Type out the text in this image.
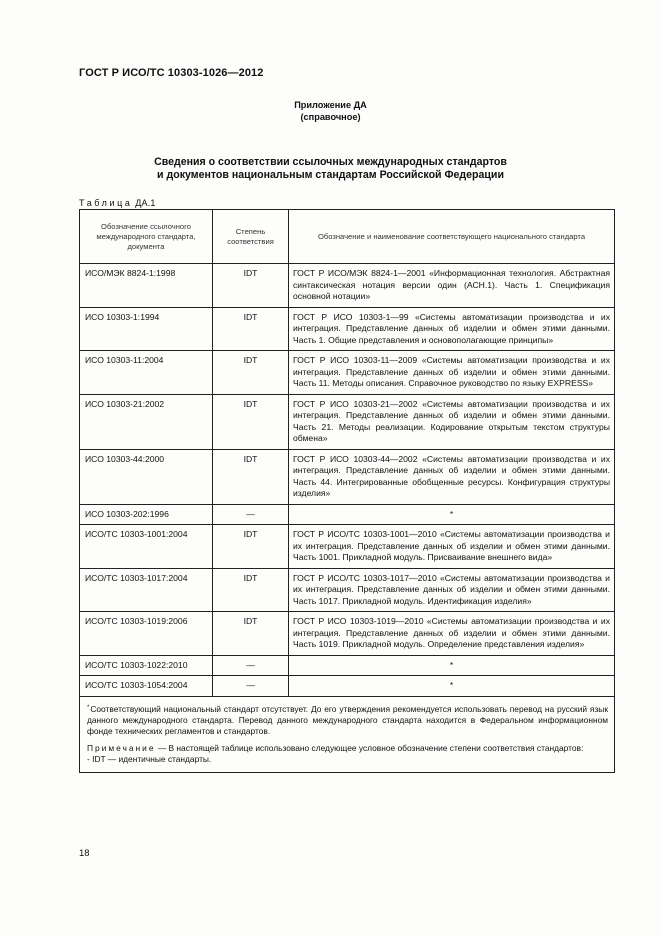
ГОСТ Р ИСО/ТС 10303-1026—2012
Приложение ДА
(справочное)
Сведения о соответствии ссылочных международных стандартов
и документов национальным стандартам Российской Федерации
Таблица ДА.1
Обозначение ссылочного международного стандарта, документа	Степень соответствия	Обозначение и наименование соответствующего национального стандарта
ИСО/МЭК 8824-1:1998	IDT	ГОСТ Р ИСО/МЭК 8824-1—2001 «Информационная технология. Абстрактная синтаксическая нотация версии один (АСН.1). Часть 1. Спецификация основной нотации»
ИСО 10303-1:1994	IDT	ГОСТ Р ИСО 10303-1—99 «Системы автоматизации производства и их интеграция. Представление данных об изделии и обмен этими данными. Часть 1. Общие представления и основополагающие принципы»
ИСО 10303-11:2004	IDT	ГОСТ Р ИСО 10303-11—2009 «Системы автоматизации производства и их интеграция. Представление данных об изделии и обмен этими данными. Часть 11. Методы описания. Справочное руководство по языку EXPRESS»
ИСО 10303-21:2002	IDT	ГОСТ Р ИСО 10303-21—2002 «Системы автоматизации производства и их интеграция. Представление данных об изделии и обмен этими данными. Часть 21. Методы реализации. Кодирование открытым текстом структуры обмена»
ИСО 10303-44:2000	IDT	ГОСТ Р ИСО 10303-44—2002 «Системы автоматизации производства и их интеграция. Представление данных об изделии и обмен этими данными. Часть 44. Интегрированные обобщенные ресурсы. Конфигурация структуры изделия»
ИСО 10303-202:1996	—	*
ИСО/ТС 10303-1001:2004	IDT	ГОСТ Р ИСО/ТС 10303-1001—2010 «Системы автоматизации производства и их интеграция. Представление данных об изделии и обмен этими данными. Часть 1001. Прикладной модуль. Присваивание внешнего вида»
ИСО/ТС 10303-1017:2004	IDT	ГОСТ Р ИСО/ТС 10303-1017—2010 «Системы автоматизации производства и их интеграция. Представление данных об изделии и обмен этими данными. Часть 1017. Прикладной модуль. Идентификация изделия»
ИСО/ТС 10303-1019:2006	IDT	ГОСТ Р ИСО 10303-1019—2010 «Системы автоматизации производства и их интеграция. Представление данных об изделии и обмен этими данными. Часть 1019. Прикладной модуль. Определение представления изделия»
ИСО/ТС 10303-1022:2010	—	*
ИСО/ТС 10303-1054:2004	—	*

*Соответствующий национальный стандарт отсутствует. До его утверждения рекомендуется использовать перевод на русский язык данного международного стандарта. Перевод данного международного стандарта находится в Федеральном информационном фонде технических регламентов и стандартов.

Примечание — В настоящей таблице использовано следующее условное обозначение степени соответствия стандартов:

- IDT — идентичные стандарты.		

18
